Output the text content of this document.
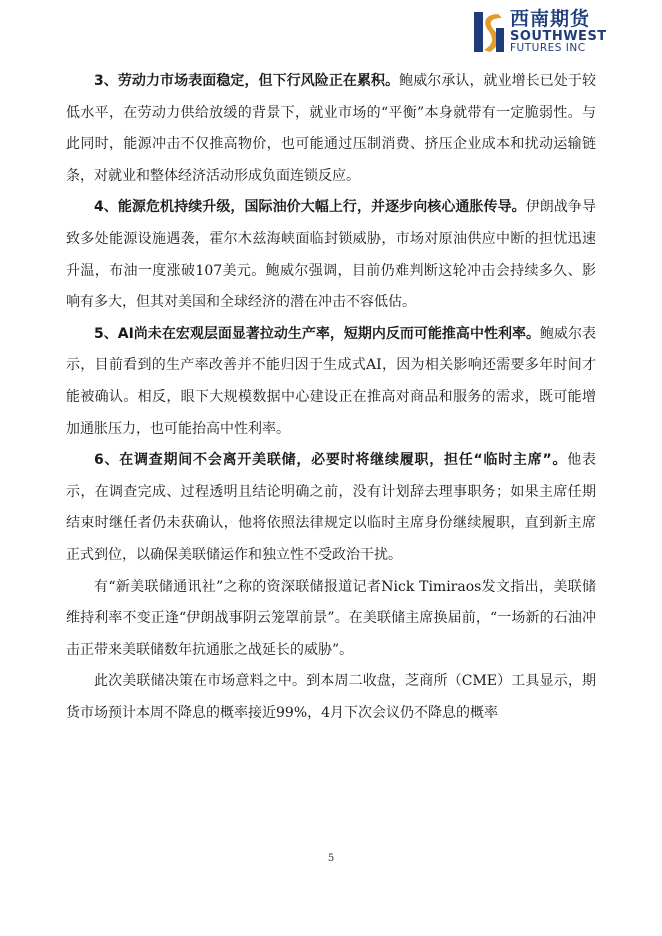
西南期货
SOUTHWEST
FUTURES INC

3、劳动力市场表面稳定，但下行风险正在累积。鲍威尔承认，就业增长已处于较低水平，在劳动力供给放缓的背景下，就业市场的“平衡”本身就带有一定脆弱性。与此同时，能源冲击不仅推高物价，也可能通过压制消费、挤压企业成本和扰动运输链条，对就业和整体经济活动形成负面连锁反应。

4、能源危机持续升级，国际油价大幅上行，并逐步向核心通胀传导。伊朗战争导致多处能源设施遇袭，霍尔木兹海峡面临封锁威胁，市场对原油供应中断的担忧迅速升温，布油一度涨破107美元。鲍威尔强调，目前仍难判断这轮冲击会持续多久、影响有多大，但其对美国和全球经济的潜在冲击不容低估。

5、AI尚未在宏观层面显著拉动生产率，短期内反而可能推高中性利率。鲍威尔表示，目前看到的生产率改善并不能归因于生成式AI，因为相关影响还需要多年时间才能被确认。相反，眼下大规模数据中心建设正在推高对商品和服务的需求，既可能增加通胀压力，也可能抬高中性利率。

6、在调查期间不会离开美联储，必要时将继续履职，担任“临时主席”。他表示，在调查完成、过程透明且结论明确之前，没有计划辞去理事职务；如果主席任期结束时继任者仍未获确认，他将依照法律规定以临时主席身份继续履职，直到新主席正式到位，以确保美联储运作和独立性不受政治干扰。

有“新美联储通讯社”之称的资深联储报道记者Nick Timiraos发文指出，美联储维持利率不变正逢“伊朗战事阴云笼罩前景”。在美联储主席换届前，“一场新的石油冲击正带来美联储数年抗通胀之战延长的威胁”。

此次美联储决策在市场意料之中。到本周二收盘，芝商所（CME）工具显示，期货市场预计本周不降息的概率接近99%，4月下次会议仍不降息的概率

5
